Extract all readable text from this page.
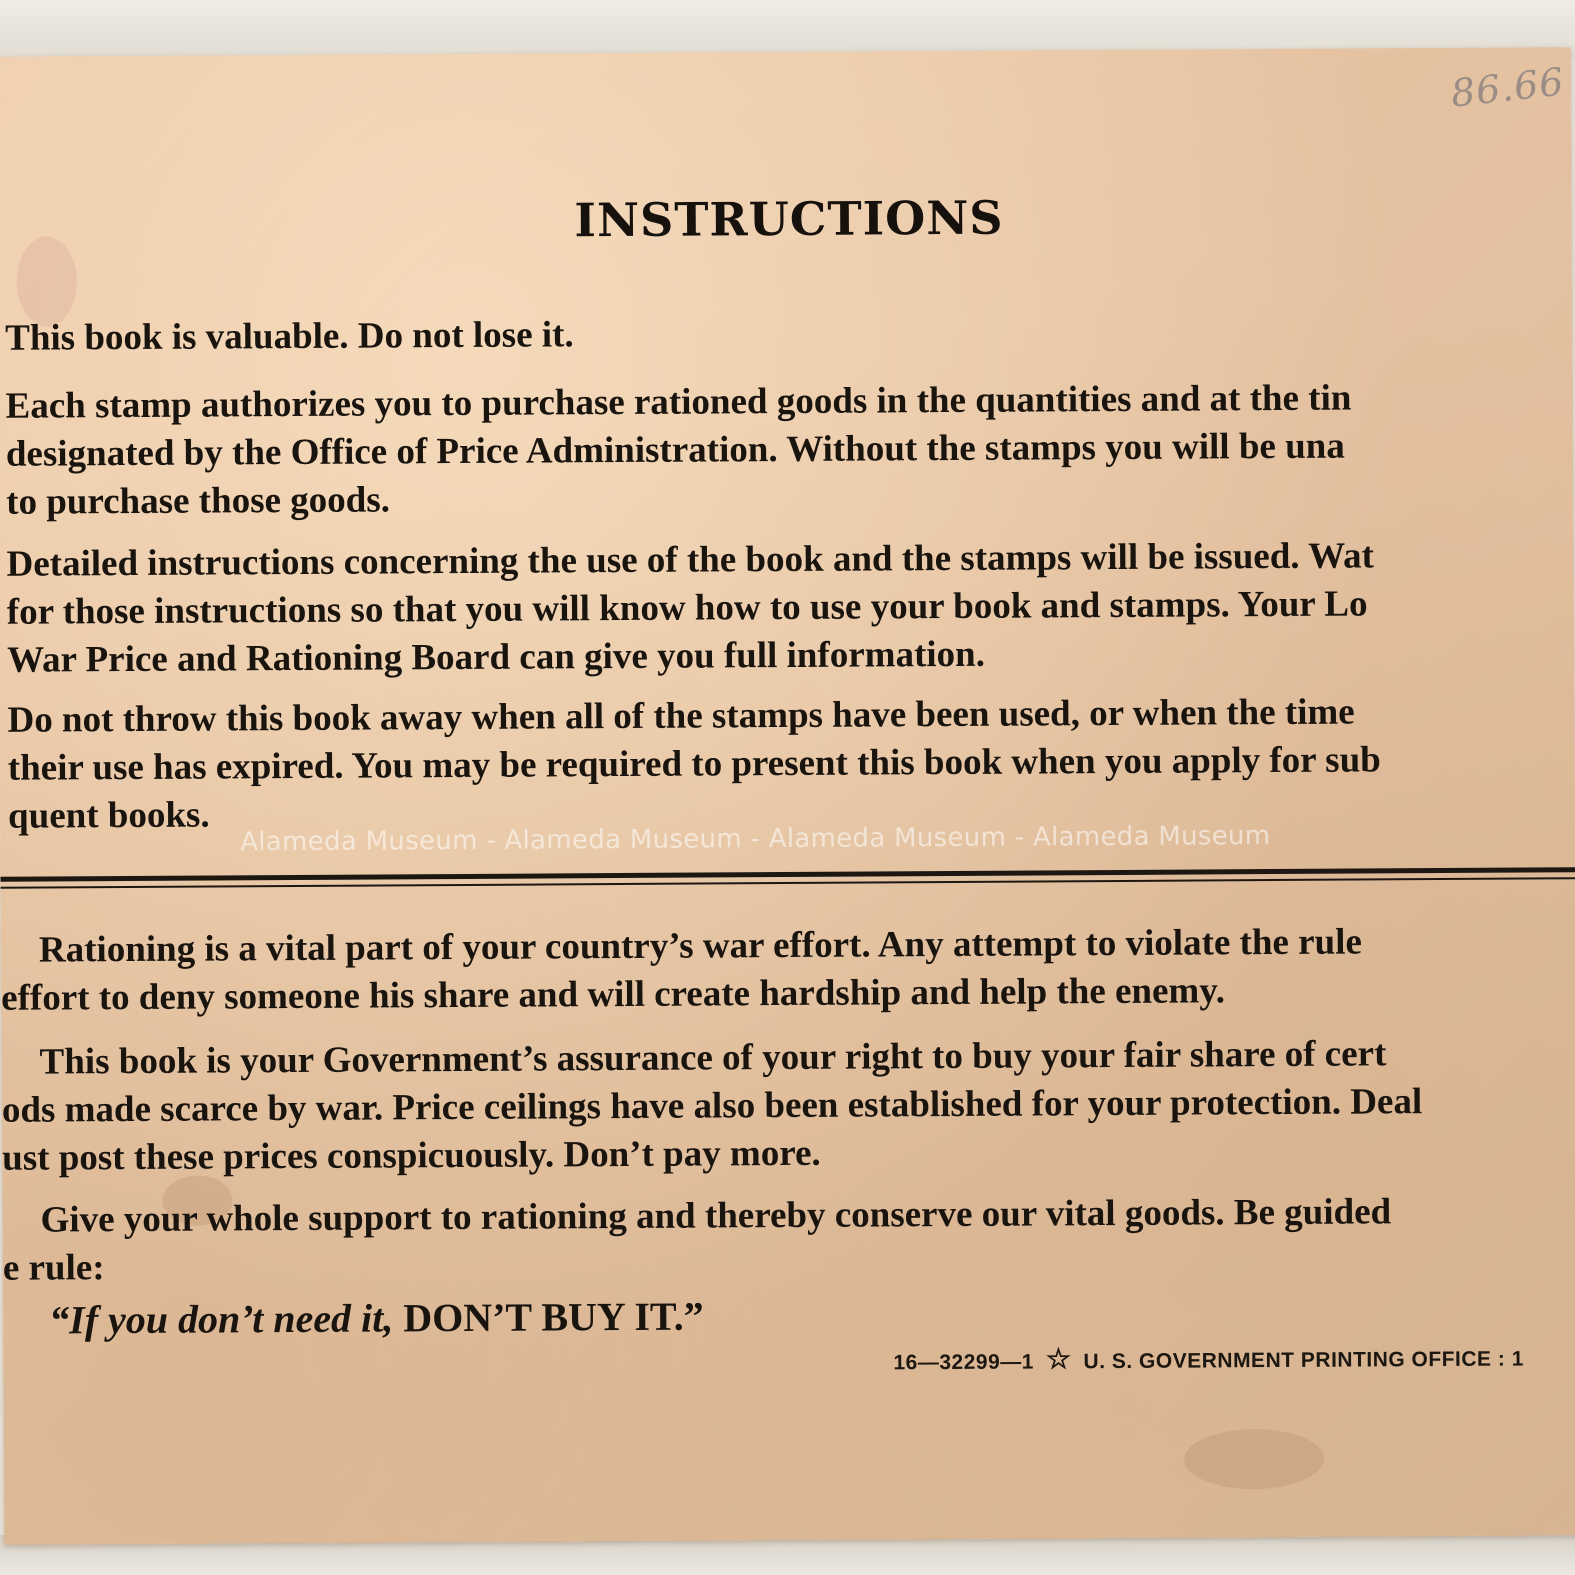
86.66
INSTRUCTIONS
This book is valuable. Do not lose it.
Each stamp authorizes you to purchase rationed goods in the quantities and at the tin
designated by the Office of Price Administration. Without the stamps you will be una
to purchase those goods.
Detailed instructions concerning the use of the book and the stamps will be issued. Wat
for those instructions so that you will know how to use your book and stamps. Your Lo
War Price and Rationing Board can give you full information.
Do not throw this book away when all of the stamps have been used, or when the time
their use has expired. You may be required to present this book when you apply for sub
quent books.
Rationing is a vital part of your country’s war effort. Any attempt to violate the rule
effort to deny someone his share and will create hardship and help the enemy.
This book is your Government’s assurance of your right to buy your fair share of cert
ods made scarce by war. Price ceilings have also been established for your protection. Deal
ust post these prices conspicuously. Don’t pay more.
Give your whole support to rationing and thereby conserve our vital goods. Be guided
e rule:
“If you don’t need it, DON’T BUY IT.”
16—32299—1 ☆ U. S. GOVERNMENT PRINTING OFFICE : 1
Alameda Museum - Alameda Museum - Alameda Museum - Alameda Museum
